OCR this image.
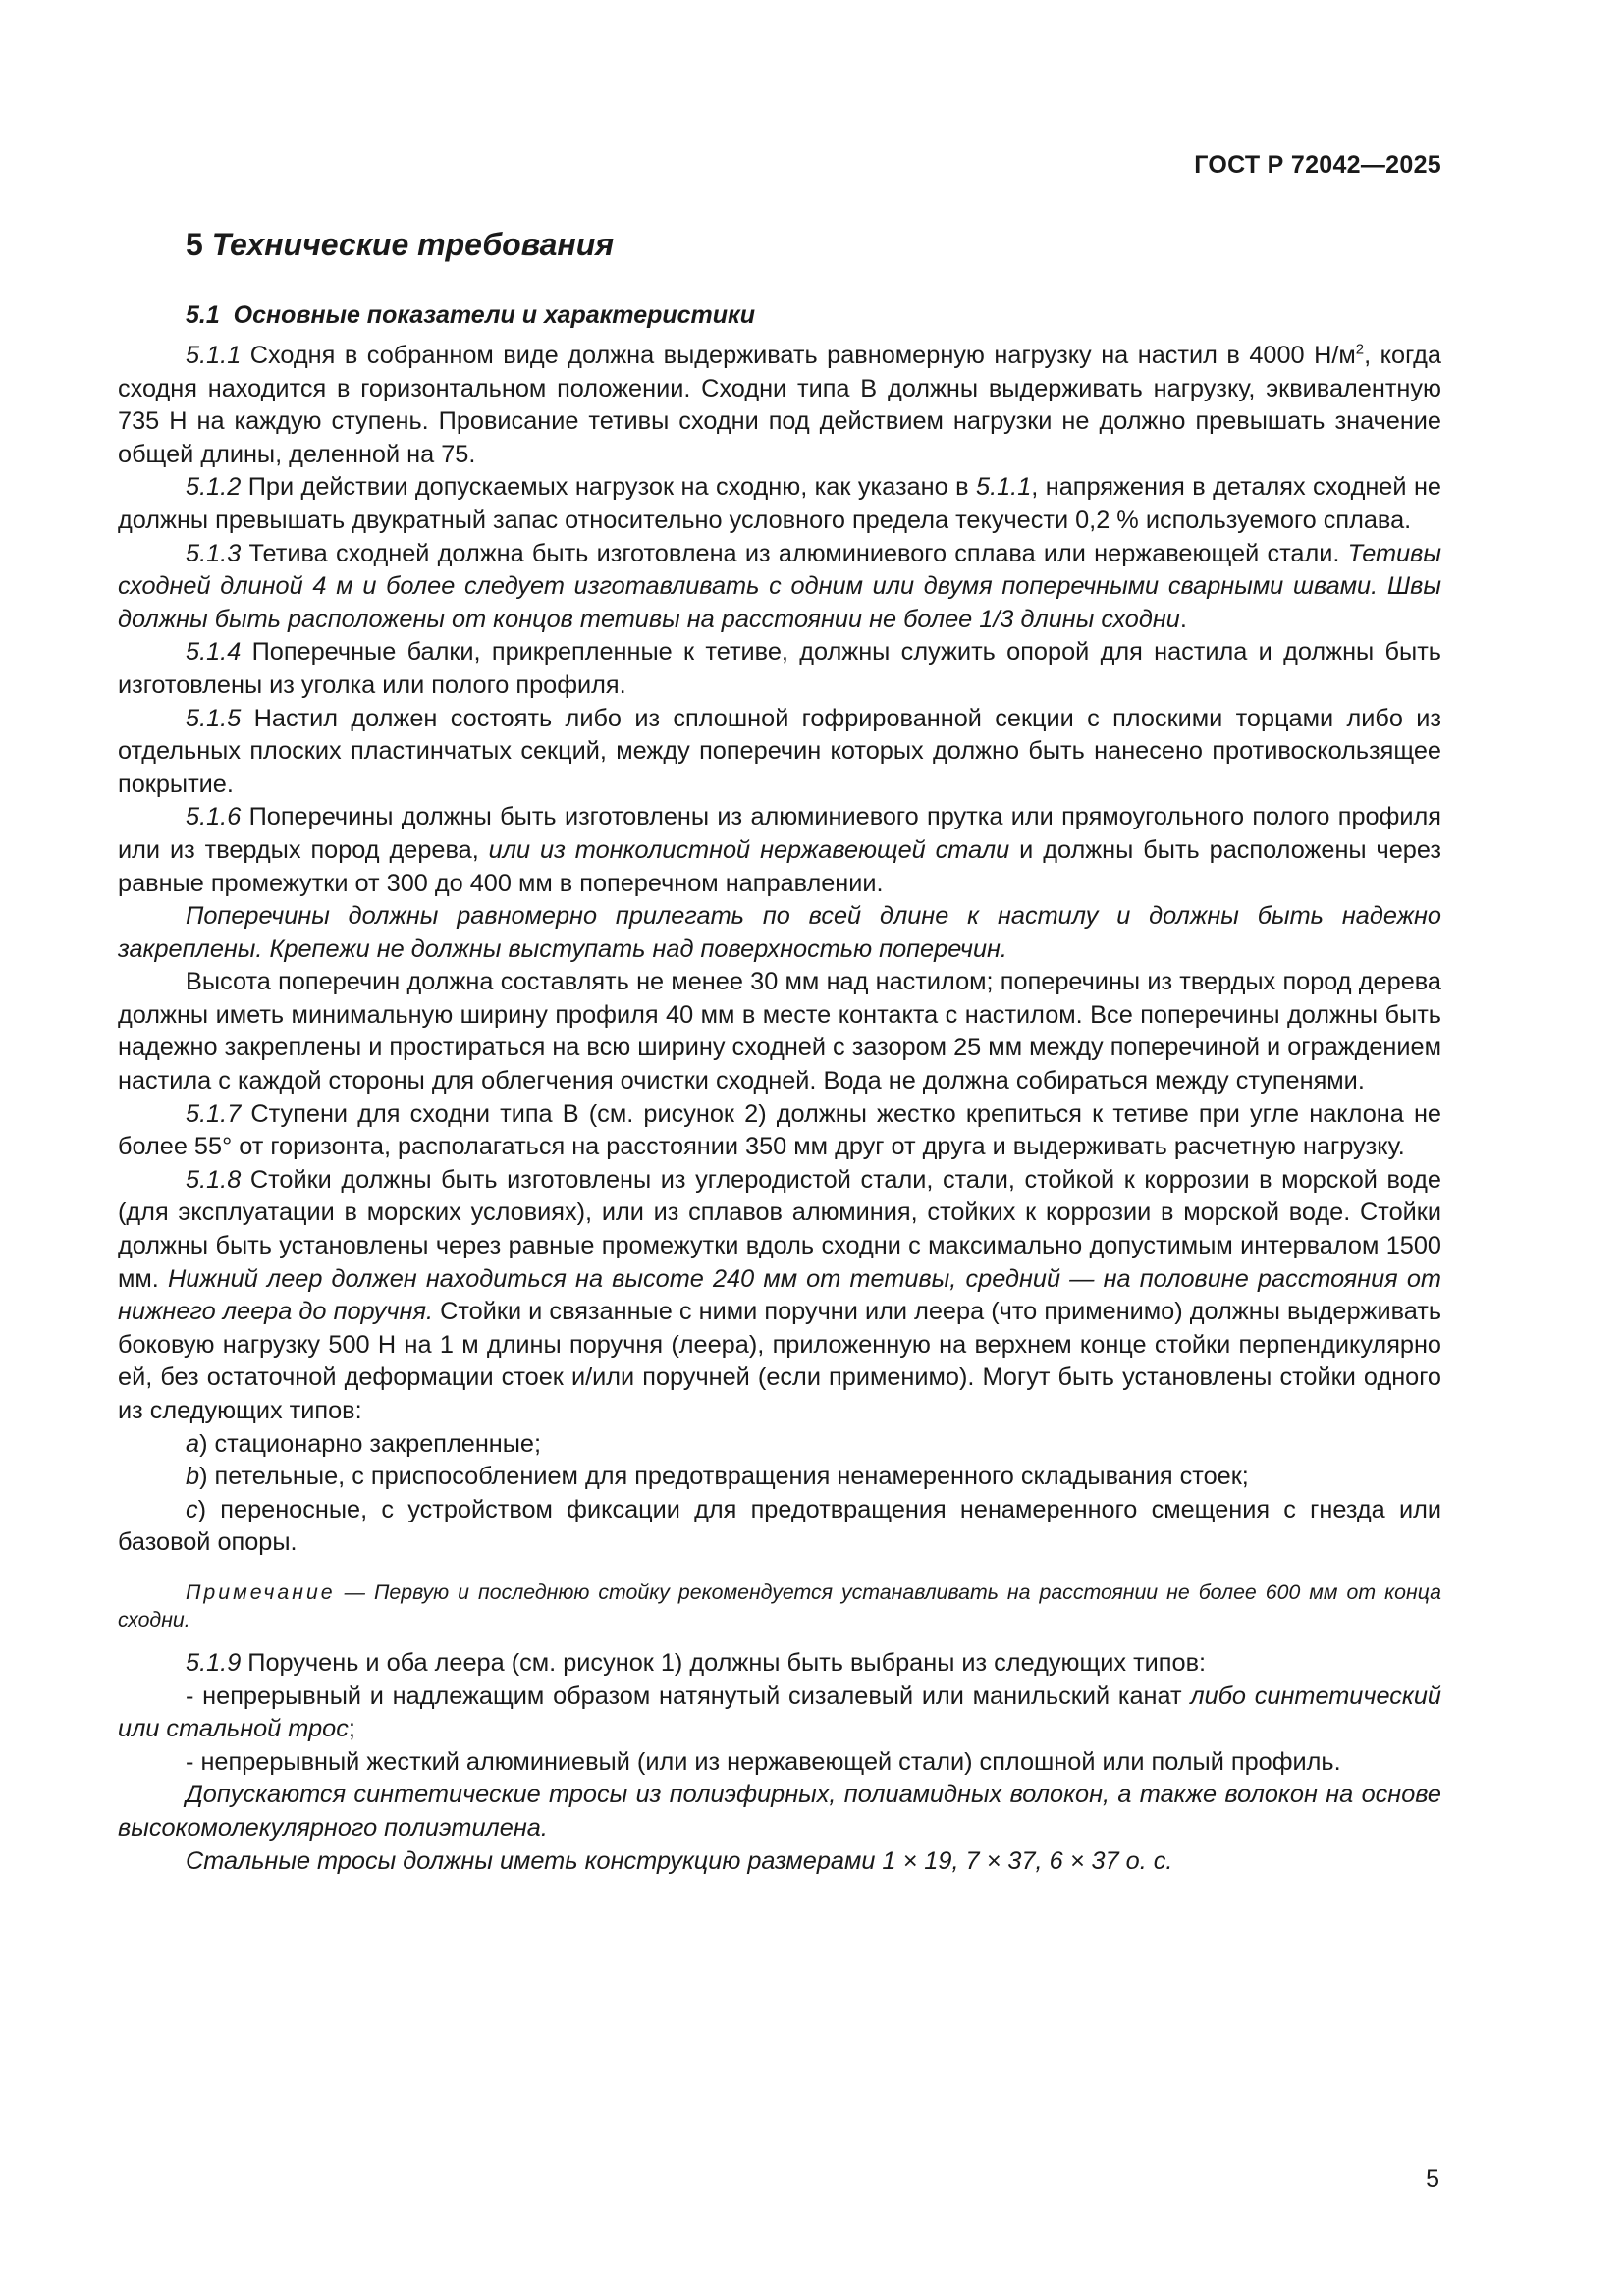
ГОСТ Р 72042—2025
5 Технические требования
5.1 Основные показатели и характеристики

5.1.1 Сходня в собранном виде должна выдерживать равномерную нагрузку на настил в 4000 $Н/м^2$, когда сходня находится в горизонтальном положении. Сходни типа В должны выдерживать нагрузку, эквивалентную 735 Н на каждую ступень. Провисание тетивы сходни под действием нагрузки не должно превышать значение общей длины, деленной на 75.

5.1.2 При действии допускаемых нагрузок на сходню, как указано в 5.1.1, напряжения в деталях сходней не должны превышать двукратный запас относительно условного предела текучести 0,2 % используемого сплава.

5.1.3 Тетива сходней должна быть изготовлена из алюминиевого сплава или нержавеющей стали. Тетивы сходней длиной 4 м и более следует изготавливать с одним или двумя поперечными сварными швами. Швы должны быть расположены от концов тетивы на расстоянии не более 1/3 длины сходни.

5.1.4 Поперечные балки, прикрепленные к тетиве, должны служить опорой для настила и должны быть изготовлены из уголка или полого профиля.

5.1.5 Настил должен состоять либо из сплошной гофрированной секции с плоскими торцами либо из отдельных плоских пластинчатых секций, между поперечин которых должно быть нанесено противоскользящее покрытие.

5.1.6 Поперечины должны быть изготовлены из алюминиевого прутка или прямоугольного полого профиля или из твердых пород дерева, или из тонколистной нержавеющей стали и должны быть расположены через равные промежутки от 300 до 400 мм в поперечном направлении.

Поперечины должны равномерно прилегать по всей длине к настилу и должны быть надежно закреплены. Крепежи не должны выступать над поверхностью поперечин.

Высота поперечин должна составлять не менее 30 мм над настилом; поперечины из твердых пород дерева должны иметь минимальную ширину профиля 40 мм в месте контакта с настилом. Все поперечины должны быть надежно закреплены и простираться на всю ширину сходней с зазором 25 мм между поперечиной и ограждением настила с каждой стороны для облегчения очистки сходней. Вода не должна собираться между ступенями.

5.1.7 Ступени для сходни типа В (см. рисунок 2) должны жестко крепиться к тетиве при угле наклона не более 55° от горизонта, располагаться на расстоянии 350 мм друг от друга и выдерживать расчетную нагрузку.

5.1.8 Стойки должны быть изготовлены из углеродистой стали, стали, стойкой к коррозии в морской воде (для эксплуатации в морских условиях), или из сплавов алюминия, стойких к коррозии в морской воде. Стойки должны быть установлены через равные промежутки вдоль сходни с максимально допустимым интервалом 1500 мм. Нижний леер должен находиться на высоте 240 мм от тетивы, средний — на половине расстояния от нижнего леера до поручня. Стойки и связанные с ними поручни или леера (что применимо) должны выдерживать боковую нагрузку 500 Н на 1 м длины поручня (леера), приложенную на верхнем конце стойки перпендикулярно ей, без остаточной деформации стоек и/или поручней (если применимо). Могут быть установлены стойки одного из следующих типов:

а) стационарно закрепленные;

b) петельные, с приспособлением для предотвращения ненамеренного складывания стоек;

с) переносные, с устройством фиксации для предотвращения ненамеренного смещения с гнезда или базовой опоры.

Примечание — Первую и последнюю стойку рекомендуется устанавливать на расстоянии не более 600 мм от конца сходни.

5.1.9 Поручень и оба леера (см. рисунок 1) должны быть выбраны из следующих типов:

- непрерывный и надлежащим образом натянутый сизалевый или манильский канат либо синтетический или стальной трос;

- непрерывный жесткий алюминиевый (или из нержавеющей стали) сплошной или полый профиль.

Допускаются синтетические тросы из полиэфирных, полиамидных волокон, а также волокон на основе высокомолекулярного полиэтилена.

Стальные тросы должны иметь конструкцию размерами 1 × 19, 7 × 37, 6 × 37 о. с.

5
